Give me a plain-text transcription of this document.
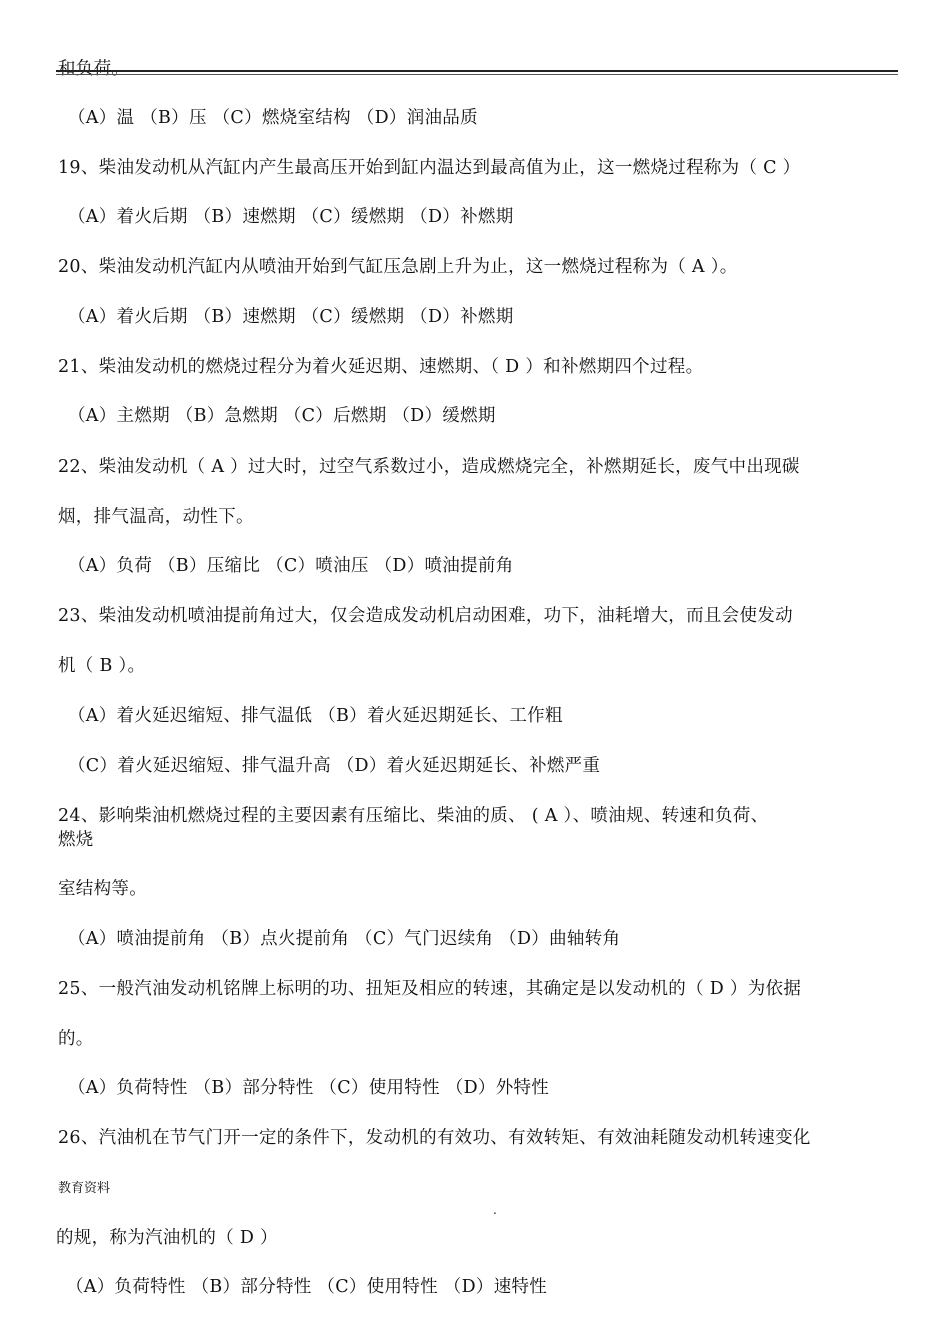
和负荷。
（A）温 （B）压 （C）燃烧室结构 （D）润油品质
19、柴油发动机从汽缸内产生最高压开始到缸内温达到最高值为止，这一燃烧过程称为（ C ）
（A）着火后期 （B）速燃期 （C）缓燃期 （D）补燃期
20、柴油发动机汽缸内从喷油开始到气缸压急剧上升为止，这一燃烧过程称为（ A ）。
（A）着火后期 （B）速燃期 （C）缓燃期 （D）补燃期
21、柴油发动机的燃烧过程分为着火延迟期、速燃期、（ D ）和补燃期四个过程。
（A）主燃期 （B）急燃期 （C）后燃期 （D）缓燃期
22、柴油发动机（ A ）过大时，过空气系数过小，造成燃烧完全，补燃期延长，废气中出现碳
烟，排气温高，动性下。
（A）负荷 （B）压缩比 （C）喷油压 （D）喷油提前角
23、柴油发动机喷油提前角过大，仅会造成发动机启动困难，功下，油耗增大，而且会使发动
机（ B ）。
（A）着火延迟缩短、排气温低 （B）着火延迟期延长、工作粗
（C）着火延迟缩短、排气温升高 （D）着火延迟期延长、补燃严重
24、影响柴油机燃烧过程的主要因素有压缩比、柴油的质、 ( A ）、喷油规、转速和负荷、
燃烧
室结构等。
（A）喷油提前角 （B）点火提前角 （C）气门迟续角 （D）曲轴转角
25、一般汽油发动机铭牌上标明的功、扭矩及相应的转速，其确定是以发动机的（ D ）为依据
的。
（A）负荷特性 （B）部分特性 （C）使用特性 （D）外特性
26、汽油机在节气门开一定的条件下，发动机的有效功、有效转矩、有效油耗随发动机转速变化
教育资料
.
的规，称为汽油机的（ D ）
（A）负荷特性 （B）部分特性 （C）使用特性 （D）速特性
